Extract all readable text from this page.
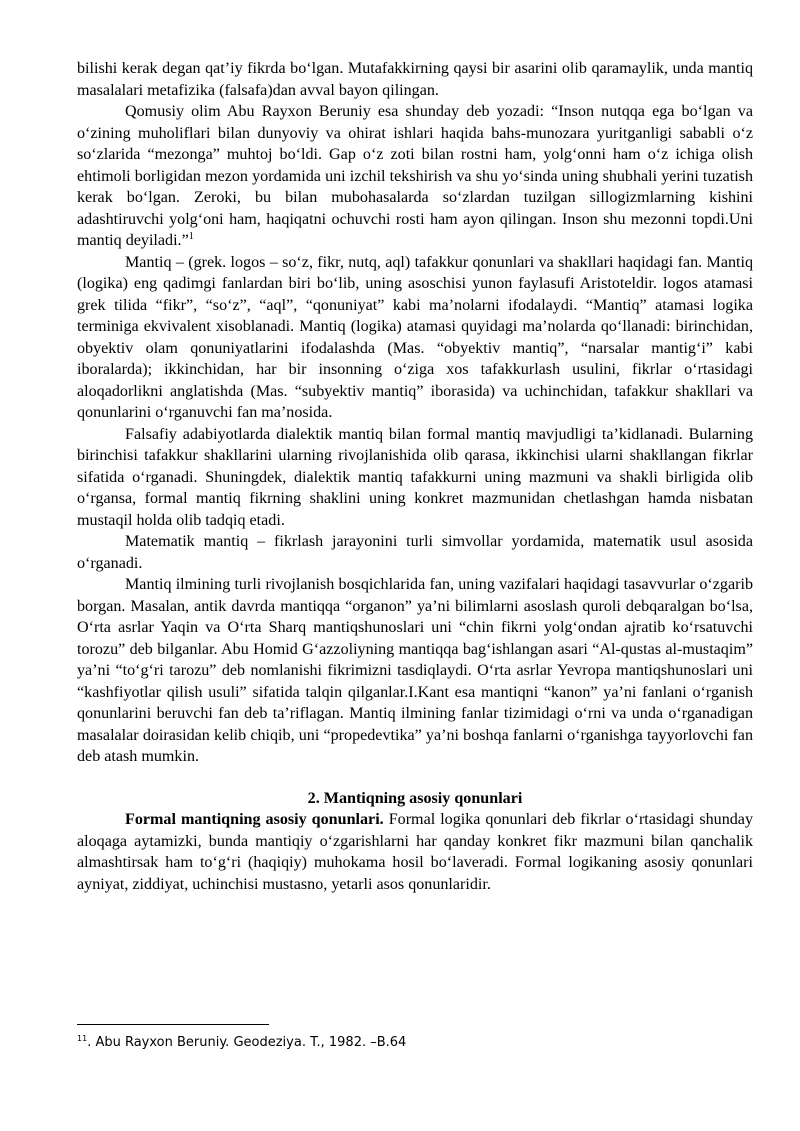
bilishi kerak degan qat’iy fikrda bo‘lgan. Mutafakkirning qaysi bir asarini olib qaramaylik, unda mantiq masalalari metafizika (falsafa)dan avval bayon qilingan.

Qomusiy olim Abu Rayxon Beruniy esa shunday deb yozadi: “Inson nutqqa ega bo‘lgan va o‘zining muholiflari bilan dunyoviy va ohirat ishlari haqida bahs-munozara yuritganligi sababli o‘z so‘zlarida “mezonga” muhtoj bo‘ldi. Gap o‘z zoti bilan rostni ham, yolg‘onni ham o‘z ichiga olish ehtimoli borligidan mezon yordamida uni izchil tekshirish va shu yo‘sinda uning shubhali yerini tuzatish kerak bo‘lgan. Zeroki, bu bilan mubohasalarda so‘zlardan tuzilgan sillogizmlarning kishini adashtiruvchi yolg‘oni ham, haqiqatni ochuvchi rosti ham ayon qilingan. Inson shu mezonni topdi.Uni mantiq deyiladi.”$^1$

Mantiq – (grek. logos – so‘z, fikr, nutq, aql) tafakkur qonunlari va shakllari haqidagi fan. Mantiq (logika) eng qadimgi fanlardan biri bo‘lib, uning asoschisi yunon faylasufi Aristoteldir. logos atamasi grek tilida “fikr”, “so‘z”, “aql”, “qonuniyat” kabi ma’nolarni ifodalaydi. “Mantiq” atamasi logika terminiga ekvivalent xisoblanadi. Mantiq (logika) atamasi quyidagi ma’nolarda qo‘llanadi: birinchidan, obyektiv olam qonuniyatlarini ifodalashda (Mas. “obyektiv mantiq”, “narsalar mantig‘i” kabi iboralarda); ikkinchidan, har bir insonning o‘ziga xos tafakkurlash usulini, fikrlar o‘rtasidagi aloqadorlikni anglatishda (Mas. “subyektiv mantiq” iborasida) va uchinchidan, tafakkur shakllari va qonunlarini o‘rganuvchi fan ma’nosida.

Falsafiy adabiyotlarda dialektik mantiq bilan formal mantiq mavjudligi ta’kidlanadi. Bularning birinchisi tafakkur shakllarini ularning rivojlanishida olib qarasa, ikkinchisi ularni shakllangan fikrlar sifatida o‘rganadi. Shuningdek, dialektik mantiq tafakkurni uning mazmuni va shakli birligida olib o‘rgansa, formal mantiq fikrning shaklini uning konkret mazmunidan chetlashgan hamda nisbatan mustaqil holda olib tadqiq etadi.

Matematik mantiq – fikrlash jarayonini turli simvollar yordamida, matematik usul asosida o‘rganadi.

Mantiq ilmining turli rivojlanish bosqichlarida fan, uning vazifalari haqidagi tasavvurlar o‘zgarib borgan. Masalan, antik davrda mantiqqa “organon” ya’ni bilimlarni asoslash quroli debqaralgan bo‘lsa, O‘rta asrlar Yaqin va O‘rta Sharq mantiqshunoslari uni “chin fikrni yolg‘ondan ajratib ko‘rsatuvchi torozu” deb bilganlar. Abu Homid G‘azzoliyning mantiqqa bag‘ishlangan asari “Al-qustas al-mustaqim” ya’ni “to‘g‘ri tarozu” deb nomlanishi fikrimizni tasdiqlaydi. O‘rta asrlar Yevropa mantiqshunoslari uni “kashfiyotlar qilish usuli” sifatida talqin qilganlar.I.Kant esa mantiqni “kanon” ya’ni fanlani o‘rganish qonunlarini beruvchi fan deb ta’riflagan. Mantiq ilmining fanlar tizimidagi o‘rni va unda o‘rganadigan masalalar doirasidan kelib chiqib, uni “propedevtika” ya’ni boshqa fanlarni o‘rganishga tayyorlovchi fan deb atash mumkin.

2. Mantiqning asosiy qonunlari

Formal mantiqning asosiy qonunlari. Formal logika qonunlari deb fikrlar o‘rtasidagi shunday aloqaga aytamizki, bunda mantiqiy o‘zgarishlarni har qanday konkret fikr mazmuni bilan qanchalik almashtirsak ham to‘g‘ri (haqiqiy) muhokama hosil bo‘laveradi. Formal logikaning asosiy qonunlari ayniyat, ziddiyat, uchinchisi mustasno, yetarli asos qonunlaridir.

$^{11}$. Abu Rayxon Beruniy. Geodeziya. T., 1982. –B.64
